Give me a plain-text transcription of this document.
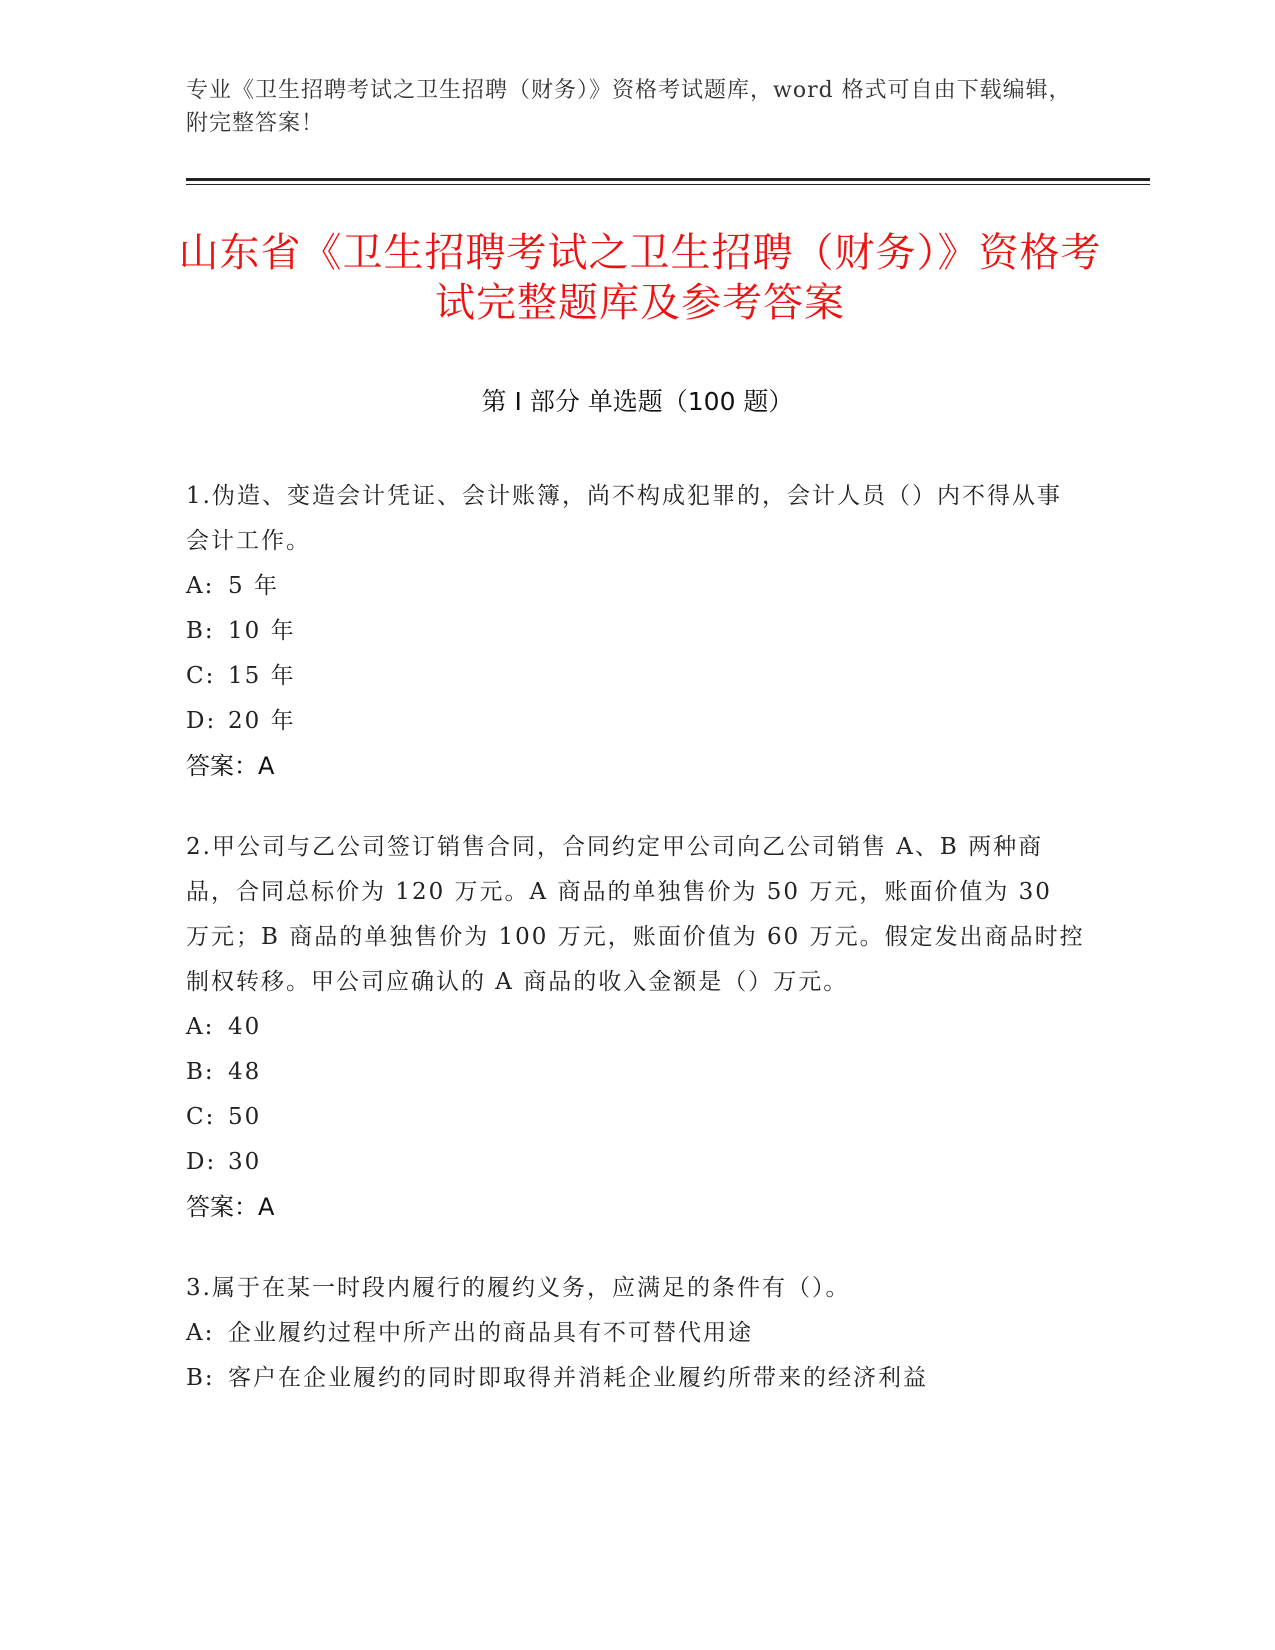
专业《卫生招聘考试之卫生招聘（财务）》资格考试题库，word 格式可自由下载编辑，附完整答案！
山东省《卫生招聘考试之卫生招聘（财务）》资格考试完整题库及参考答案
第 I 部分 单选题（100 题）

1.伪造、变造会计凭证、会计账簿，尚不构成犯罪的，会计人员（）内不得从事会计工作。

A: 5 年

B: 10 年

C: 15 年

D: 20 年

答案：A

2.甲公司与乙公司签订销售合同，合同约定甲公司向乙公司销售 A、B 两种商品，合同总标价为 120 万元。A 商品的单独售价为 50 万元，账面价值为 30 万元；B 商品的单独售价为 100 万元，账面价值为 60 万元。假定发出商品时控制权转移。甲公司应确认的 A 商品的收入金额是（）万元。

A: 40

B: 48

C: 50

D: 30

答案：A

3.属于在某一时段内履行的履约义务，应满足的条件有（）。

A: 企业履约过程中所产出的商品具有不可替代用途

B: 客户在企业履约的同时即取得并消耗企业履约所带来的经济利益
